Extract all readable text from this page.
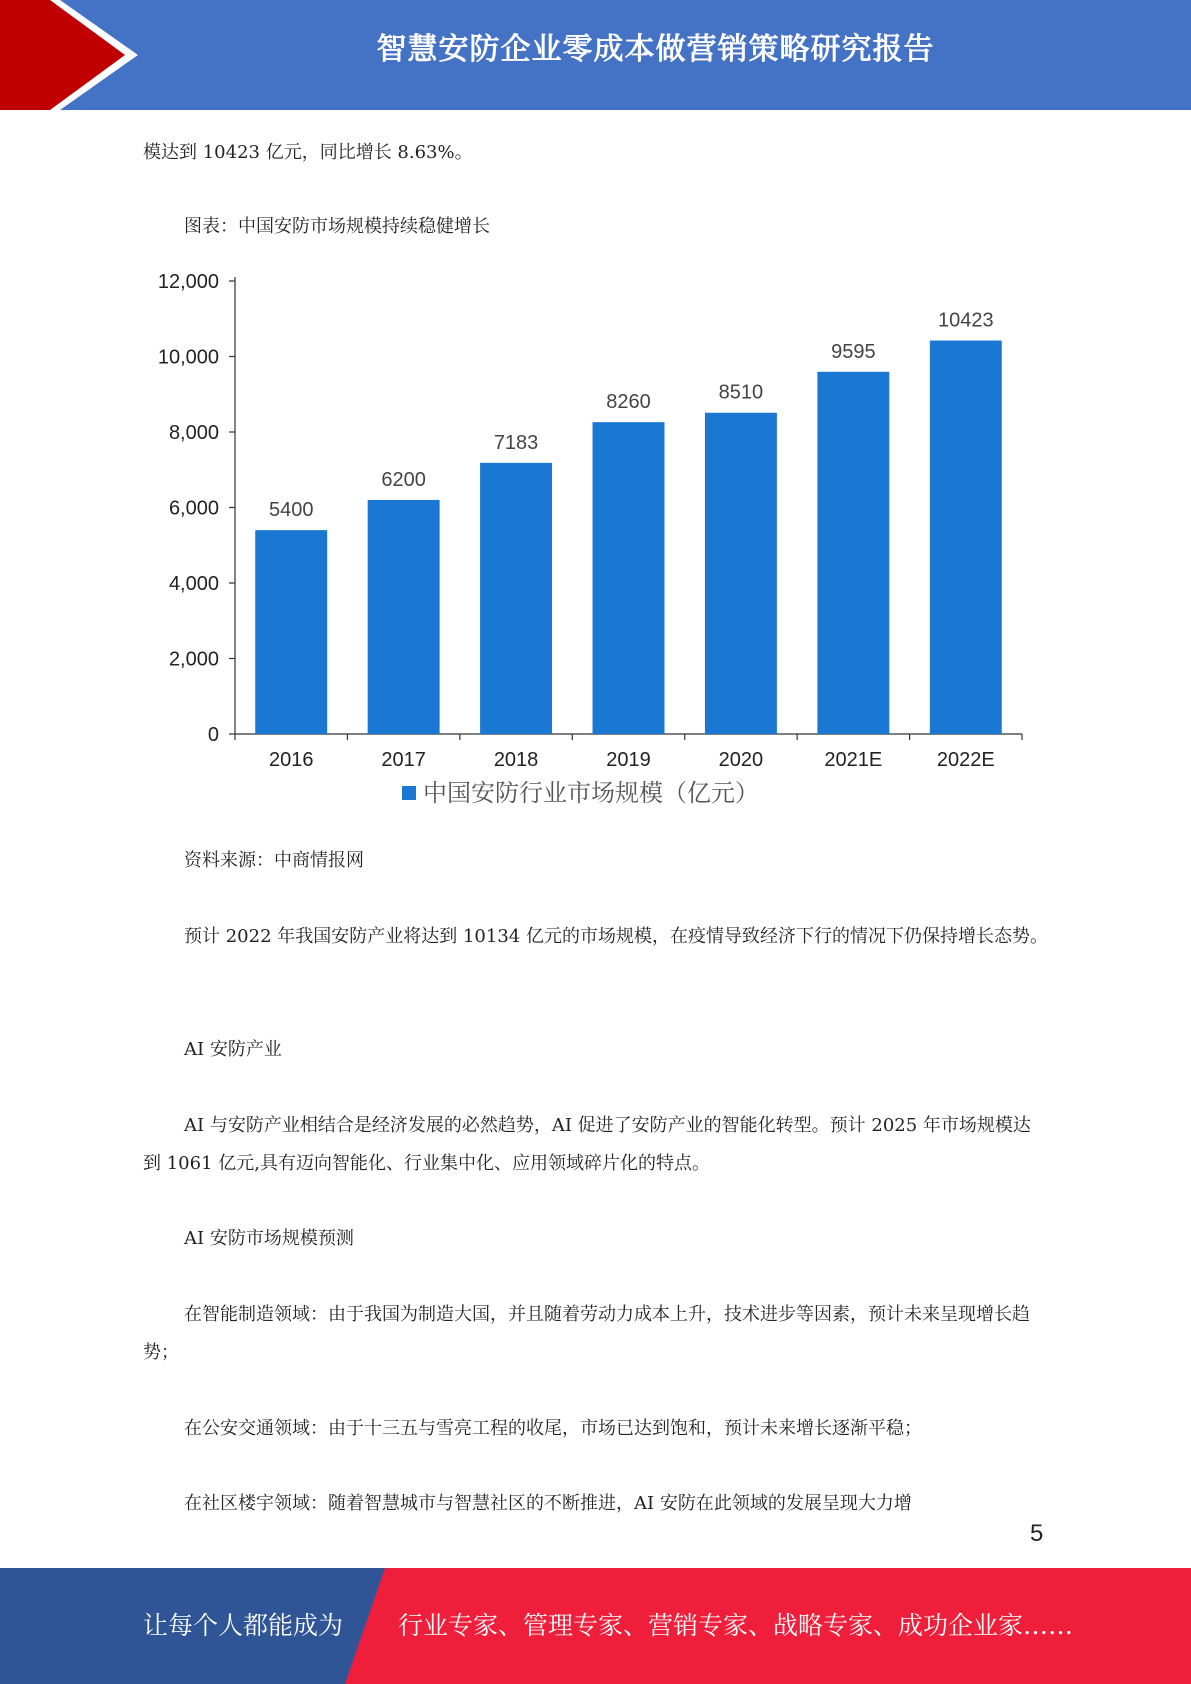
智慧安防企业零成本做营销策略研究报告

模达到 10423 亿元，同比增长 8.63%。

图表：中国安防市场规模持续稳健增长

0
2,000
4,000
6,000
8,000
10,000
12,000
5400
2016
6200
2017
7183
2018
8260
2019
8510
2020
9595
2021E
10423
2022E
中国安防行业市场规模（亿元）

资料来源：中商情报网

预计 2022 年我国安防产业将达到 10134 亿元的市场规模，在疫情导致经济下行的情况下仍保持增长态势。

AI 安防产业

AI 与安防产业相结合是经济发展的必然趋势，AI 促进了安防产业的智能化转型。预计 2025 年市场规模达到 1061 亿元,具有迈向智能化、行业集中化、应用领域碎片化的特点。

AI 安防市场规模预测

在智能制造领域：由于我国为制造大国，并且随着劳动力成本上升，技术进步等因素，预计未来呈现增长趋势；

在公安交通领域：由于十三五与雪亮工程的收尾，市场已达到饱和，预计未来增长逐渐平稳；

在社区楼宇领域：随着智慧城市与智慧社区的不断推进，AI 安防在此领域的发展呈现大力增

5
让每个人都能成为 行业专家、管理专家、营销专家、战略专家、成功企业家……
